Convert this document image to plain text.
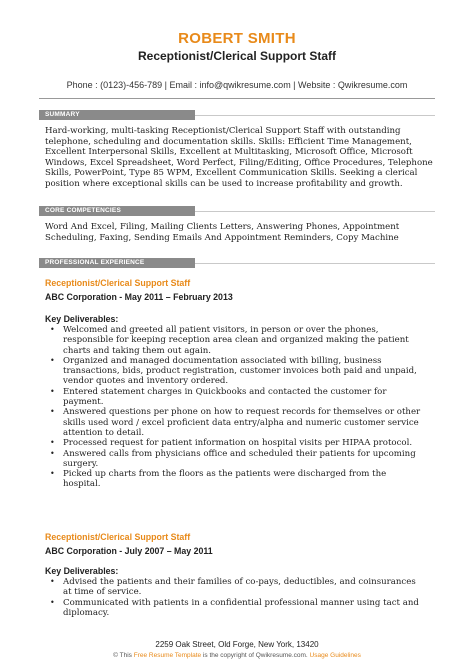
ROBERT SMITH
Receptionist/Clerical Support Staff
Phone : (0123)-456-789 | Email : info@qwikresume.com | Website : Qwikresume.com
SUMMARY
Hard-working, multi-tasking Receptionist/Clerical Support Staff with outstanding telephone, scheduling and documentation skills. Skills: Efficient Time Management, Excellent Interpersonal Skills, Excellent at Multitasking, Microsoft Office, Microsoft Windows, Excel Spreadsheet, Word Perfect, Filing/Editing, Office Procedures, Telephone Skills, PowerPoint, Type 85 WPM, Excellent Communication Skills. Seeking a clerical position where exceptional skills can be used to increase profitability and growth.
CORE COMPETENCIES
Word And Excel, Filing, Mailing Clients Letters, Answering Phones, Appointment Scheduling, Faxing, Sending Emails And Appointment Reminders, Copy Machine
PROFESSIONAL EXPERIENCE
Receptionist/Clerical Support Staff
ABC Corporation - May 2011 – February 2013
Key Deliverables:
• Welcomed and greeted all patient visitors, in person or over the phones, responsible for keeping reception area clean and organized making the patient charts and taking them out again.
• Organized and managed documentation associated with billing, business transactions, bids, product registration, customer invoices both paid and unpaid, vendor quotes and inventory ordered.
• Entered statement charges in Quickbooks and contacted the customer for payment.
• Answered questions per phone on how to request records for themselves or other skills used word / excel proficient data entry/alpha and numeric customer service attention to detail.
• Processed request for patient information on hospital visits per HIPAA protocol.
• Answered calls from physicians office and scheduled their patients for upcoming surgery.
• Picked up charts from the floors as the patients were discharged from the hospital.
Receptionist/Clerical Support Staff
ABC Corporation - July 2007 – May 2011
Key Deliverables:
• Advised the patients and their families of co-pays, deductibles, and coinsurances at time of service.
• Communicated with patients in a confidential professional manner using tact and diplomacy.
2259 Oak Street, Old Forge, New York, 13420
© This Free Resume Template is the copyright of Qwikresume.com. Usage Guidelines
